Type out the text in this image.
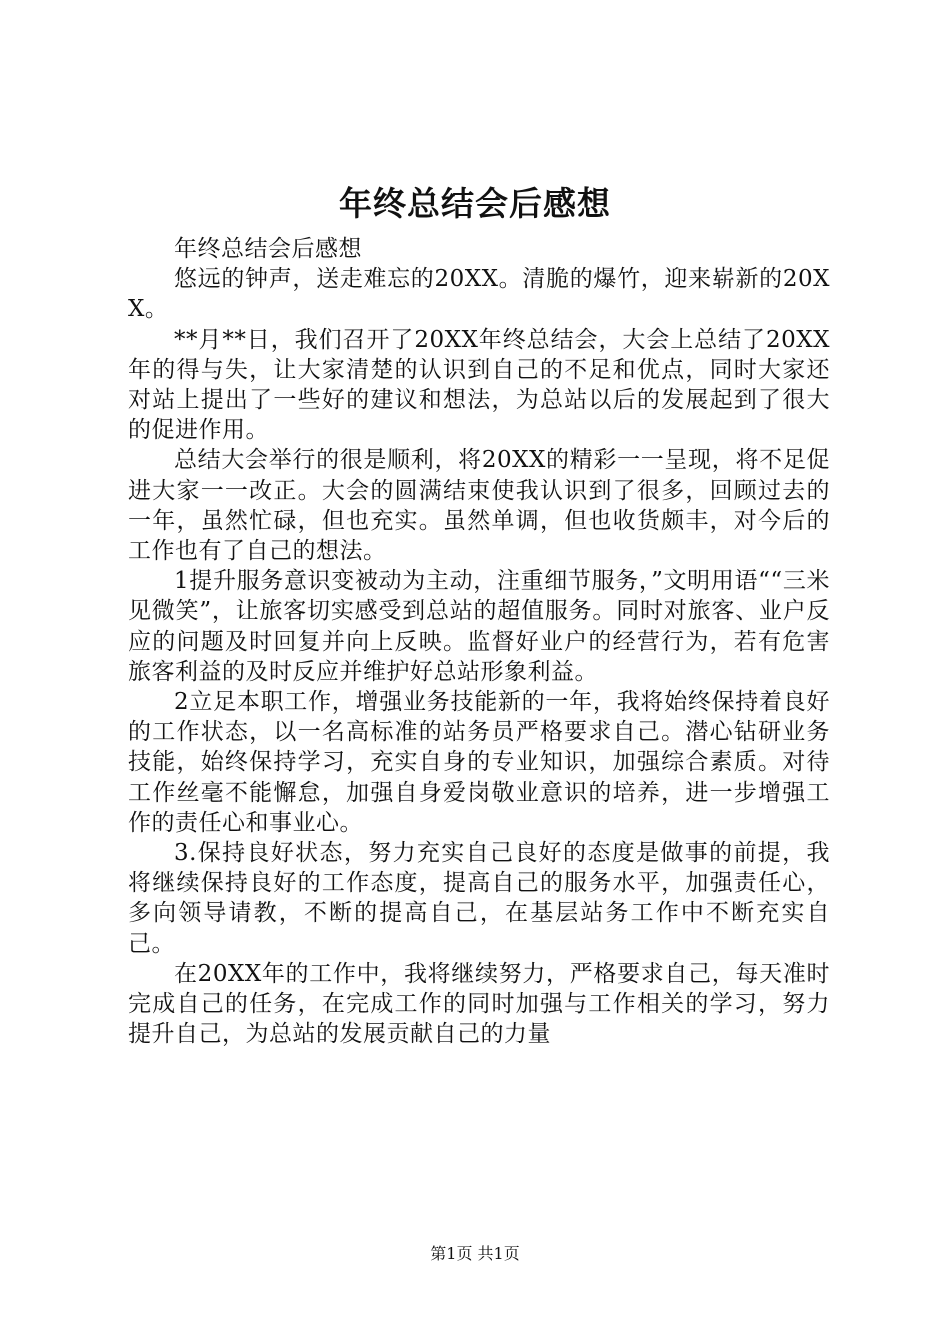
年终总结会后感想

年终总结会后感想

悠远的钟声，送走难忘的20XX。清脆的爆竹，迎来崭新的20XX。

**月**日，我们召开了20XX年终总结会，大会上总结了20XX年的得与失，让大家清楚的认识到自己的不足和优点，同时大家还对站上提出了一些好的建议和想法，为总站以后的发展起到了很大的促进作用。

总结大会举行的很是顺利，将20XX的精彩一一呈现，将不足促进大家一一改正。大会的圆满结束使我认识到了很多，回顾过去的一年，虽然忙碌，但也充实。虽然单调，但也收货颇丰，对今后的工作也有了自己的想法。

1提升服务意识变被动为主动，注重细节服务，”文明用语““三米见微笑”，让旅客切实感受到总站的超值服务。同时对旅客、业户反应的问题及时回复并向上反映。监督好业户的经营行为，若有危害旅客利益的及时反应并维护好总站形象利益。

2立足本职工作，增强业务技能新的一年，我将始终保持着良好的工作状态，以一名高标准的站务员严格要求自己。潜心钻研业务技能，始终保持学习，充实自身的专业知识，加强综合素质。对待工作丝毫不能懈怠，加强自身爱岗敬业意识的培养，进一步增强工作的责任心和事业心。

3.保持良好状态，努力充实自己良好的态度是做事的前提，我将继续保持良好的工作态度，提高自己的服务水平，加强责任心，多向领导请教，不断的提高自己，在基层站务工作中不断充实自己。

在20XX年的工作中，我将继续努力，严格要求自己，每天准时完成自己的任务，在完成工作的同时加强与工作相关的学习，努力提升自己，为总站的发展贡献自己的力量

第1页 共1页
